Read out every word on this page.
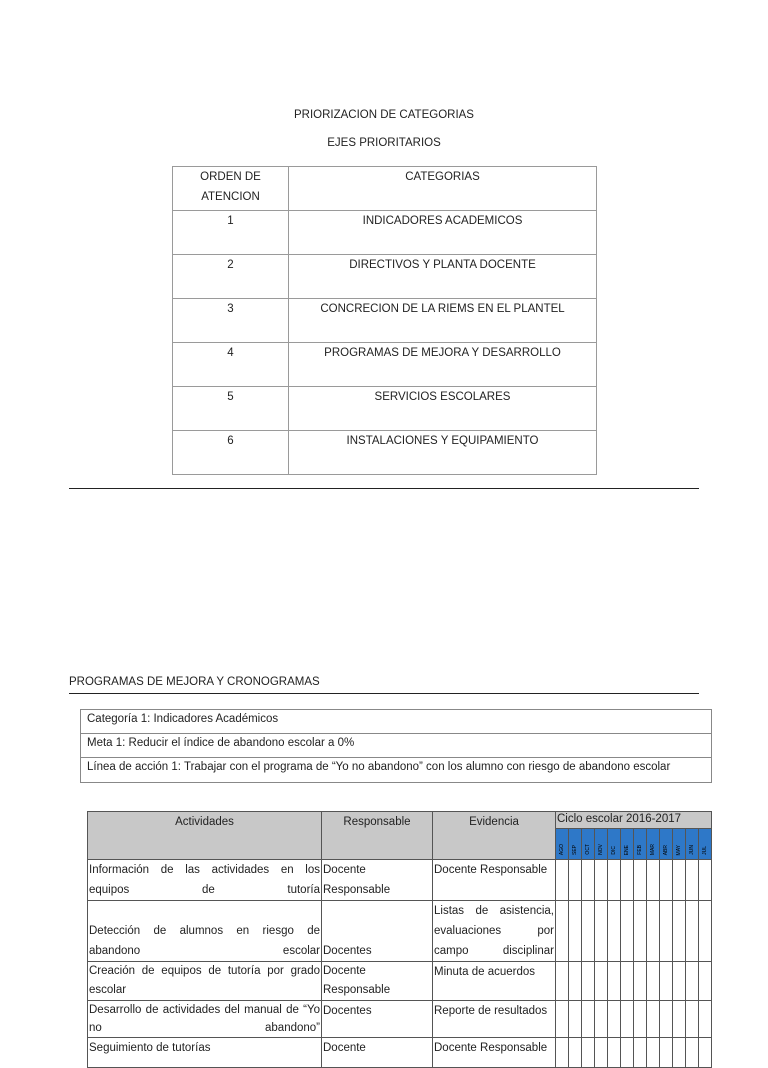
PRIORIZACION DE CATEGORIAS
EJES PRIORITARIOS
ORDEN DE ATENCION	CATEGORIAS
1	INDICADORES ACADEMICOS
2	DIRECTIVOS Y PLANTA DOCENTE
3	CONCRECION DE LA RIEMS EN EL PLANTEL
4	PROGRAMAS DE MEJORA Y DESARROLLO
5	SERVICIOS ESCOLARES
6	INSTALACIONES Y EQUIPAMIENTO
PROGRAMAS DE MEJORA Y CRONOGRAMAS
Categoría 1: Indicadores Académicos
Meta 1: Reducir el índice de abandono escolar a 0%
Línea de acción 1: Trabajar con el programa de “Yo no abandono” con los alumno con riesgo de abandono escolar
Actividades	Responsable	Evidencia	Ciclo escolar 2016-2017											

			AGO	SEP	OCT	NOV	DIC	ENE	FEB	MAR	ABR	MAY	JUN	JUL

Información de las actividades en los equipos de tutoría	Docente Responsable	Docente Responsable												
Detección de alumnos en riesgo de abandono escolar	Docentes	Listas de asistencia, evaluaciones por campo disciplinar												
Creación de equipos de tutoría por grado escolar	Docente Responsable	Minuta de acuerdos												
Desarrollo de actividades del manual de “Yo no abandono”	Docentes	Reporte de resultados												
Seguimiento de tutorías	Docente	Docente Responsable												
